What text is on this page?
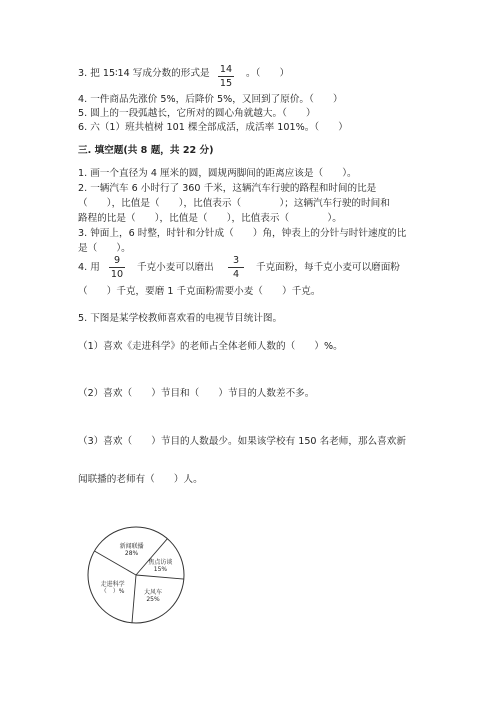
3. 把 15∶14 写成分数的形式是 14
15
。（　　）
4. 一件商品先涨价 5%，后降价 5%，又回到了原价。（　　）
5. 圆上的一段弧越长，它所对的圆心角就越大。（　　）
6. 六（1）班共植树 101 棵全部成活，成活率 101%。（　　）
三. 填空题(共 8 题，共 22 分)
1. 画一个直径为 4 厘米的圆，圆规两脚间的距离应该是（　　）。
2. 一辆汽车 6 小时行了 360 千米，这辆汽车行驶的路程和时间的比是
（　　），比值是（　　），比值表示（　　　　）；这辆汽车行驶的时间和
路程的比是（　　），比值是（　　），比值表示（　　　　）。
3. 钟面上，6 时整，时针和分针成（　　）角，钟表上的分针与时针速度的比
是（　　）。
4. 用
9
10
千克小麦可以磨出
3
4
千克面粉，每千克小麦可以磨面粉
（　　）千克，要磨 1 千克面粉需要小麦（　　）千克。
5. 下图是某学校教师喜欢看的电视节目统计图。
（1）喜欢《走进科学》的老师占全体老师人数的（　　）%。
（2）喜欢（　　）节目和（　　）节目的人数差不多。
（3）喜欢（　　）节目的人数最少。如果该学校有 150 名老师，那么喜欢新
闻联播的老师有（　　）人。
新闻联播
28%
焦点访谈
15%
大风车
25%
走进科学
（　）%
